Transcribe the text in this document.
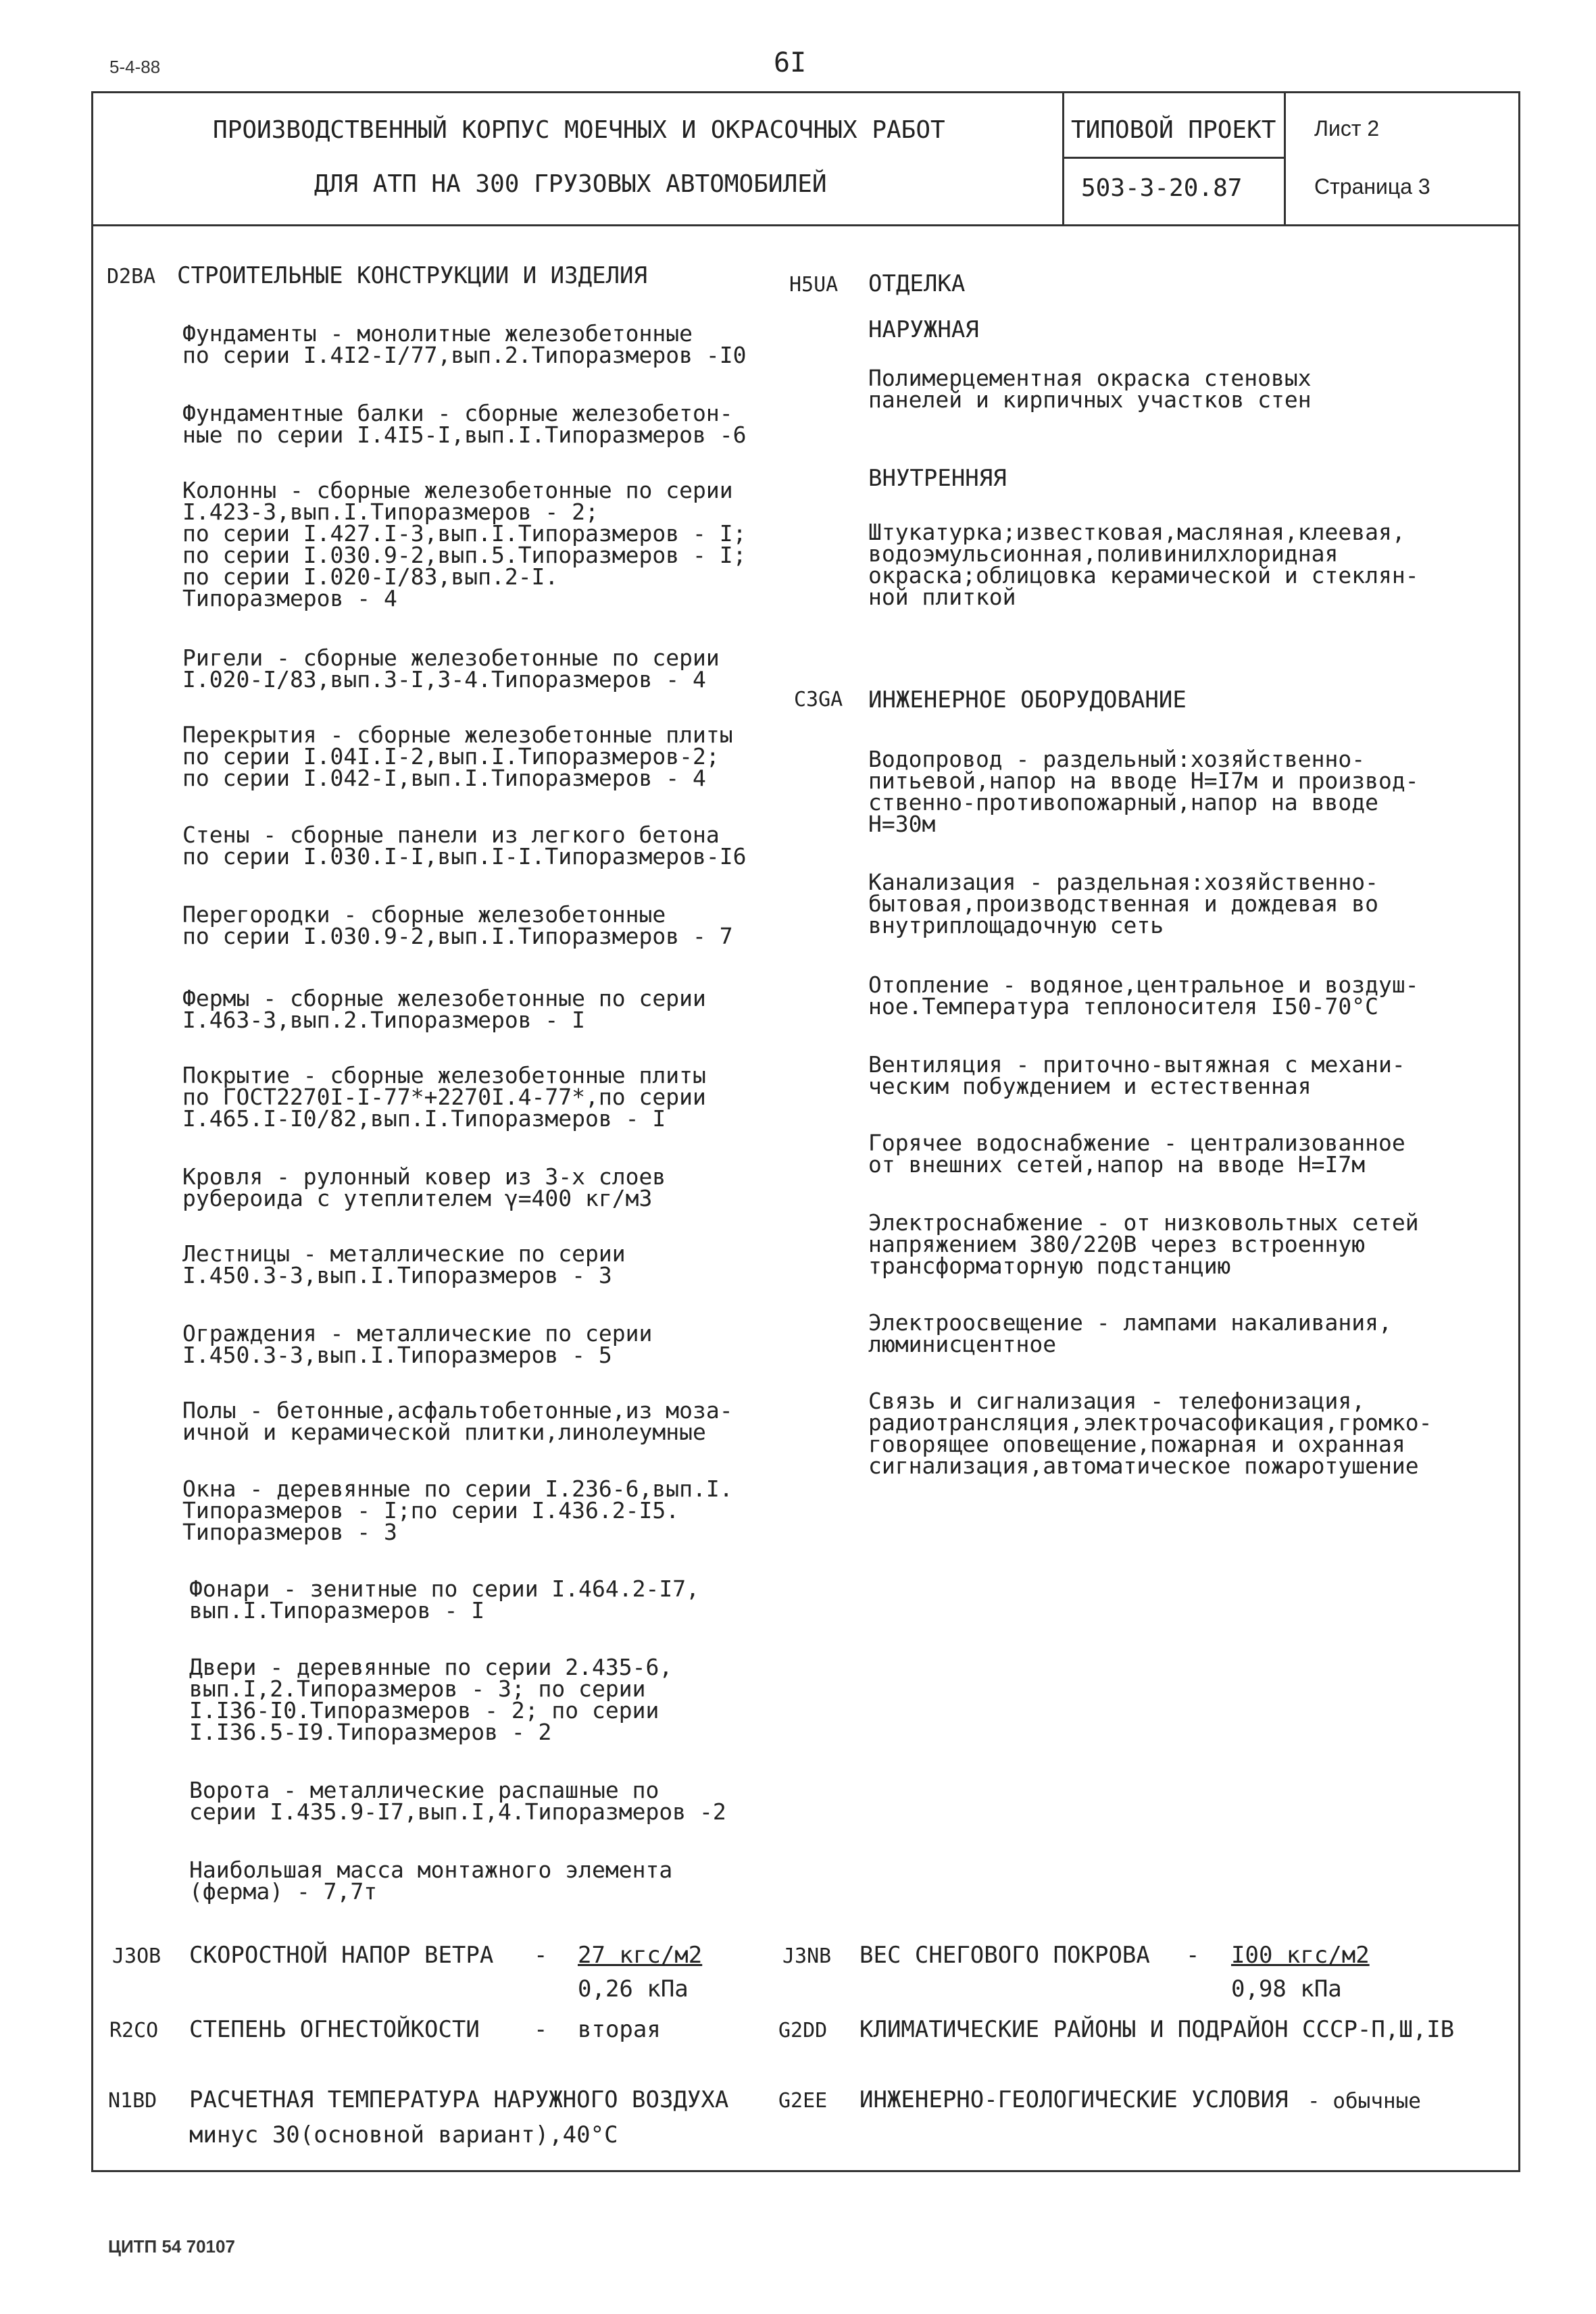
5-4-88	6I
ПРОИЗВОДСТВЕННЫЙ КОРПУС МОЕЧНЫХ И ОКРАСОЧНЫХ РАБОТ
ДЛЯ АТП НА 300 ГРУЗОВЫХ АВТОМОБИЛЕЙ
ТИПОВОЙ ПРОЕКТ
503-3-20.87
Лист 2
Страница 3
D2BA СТРОИТЕЛЬНЫЕ КОНСТРУКЦИИ И ИЗДЕЛИЯ
Фундаменты - монолитные железобетонные
по серии I.4I2-I/77,вып.2.Типоразмеров -I0
Фундаментные балки - сборные железобетон-
ные по серии I.4I5-I,вып.I.Типоразмеров -6
Колонны - сборные железобетонные по серии
I.423-3,вып.I.Типоразмеров - 2;
по серии I.427.I-3,вып.I.Типоразмеров - I;
по серии I.030.9-2,вып.5.Типоразмеров - I;
по серии I.020-I/83,вып.2-I.
Типоразмеров - 4
Ригели - сборные железобетонные по серии
I.020-I/83,вып.3-I,3-4.Типоразмеров - 4
Перекрытия - сборные железобетонные плиты
по серии I.04I.I-2,вып.I.Типоразмеров-2;
по серии I.042-I,вып.I.Типоразмеров - 4
Стены - сборные панели из легкого бетона
по серии I.030.I-I,вып.I-I.Типоразмеров-I6
Перегородки - сборные железобетонные
по серии I.030.9-2,вып.I.Типоразмеров - 7
Фермы - сборные железобетонные по серии
I.463-3,вып.2.Типоразмеров - I
Покрытие - сборные железобетонные плиты
по ГОСТ2270I-I-77*+2270I.4-77*,по серии
I.465.I-I0/82,вып.I.Типоразмеров - I
Кровля - рулонный ковер из 3-х слоев
рубероида с утеплителем γ=400 кг/м3
Лестницы - металлические по серии
I.450.3-3,вып.I.Типоразмеров - 3
Ограждения - металлические по серии
I.450.3-3,вып.I.Типоразмеров - 5
Полы - бетонные,асфальтобетонные,из моза-
ичной и керамической плитки,линолеумные
Окна - деревянные по серии I.236-6,вып.I.
Типоразмеров - I;по серии I.436.2-I5.
Типоразмеров - 3
Фонари - зенитные по серии I.464.2-I7,
вып.I.Типоразмеров - I
Двери - деревянные по серии 2.435-6,
вып.I,2.Типоразмеров - 3; по серии
I.I36-I0.Типоразмеров - 2; по серии
I.I36.5-I9.Типоразмеров - 2
Ворота - металлические распашные по
серии I.435.9-I7,вып.I,4.Типоразмеров -2
Наибольшая масса монтажного элемента
(ферма) - 7,7т
H5UA ОТДЕЛКА
НАРУЖНАЯ
Полимерцементная окраска стеновых
панелей и кирпичных участков стен
ВНУТРЕННЯЯ
Штукатурка;известковая,масляная,клеевая,
водоэмульсионная,поливинилхлоридная
окраска;облицовка керамической и стеклян-
ной плиткой
C3GA ИНЖЕНЕРНОЕ ОБОРУДОВАНИЕ
Водопровод - раздельный:хозяйственно-
питьевой,напор на вводе Н=I7м и производ-
ственно-противопожарный,напор на вводе
Н=30м
Канализация - раздельная:хозяйственно-
бытовая,производственная и дождевая во
внутриплощадочную сеть
Отопление - водяное,центральное и воздуш-
ное.Температура теплоносителя I50-70°С
Вентиляция - приточно-вытяжная с механи-
ческим побуждением и естественная
Горячее водоснабжение - централизованное
от внешних сетей,напор на вводе Н=I7м
Электроснабжение - от низковольтных сетей
напряжением 380/220В через встроенную
трансформаторную подстанцию
Электроосвещение - лампами накаливания,
люминисцентное
Связь и сигнализация - телефонизация,
радиотрансляция,электрочасофикация,громко-
говорящее оповещение,пожарная и охранная
сигнализация,автоматическое пожаротушение
J3OB СКОРОСТНОЙ НАПОР ВЕТРА - 27 кгс/м2
0,26 кПа
J3NB ВЕС СНЕГОВОГО ПОКРОВА - I00 кгс/м2
0,98 кПа
R2CO СТЕПЕНЬ ОГНЕСТОЙКОСТИ - вторая	G2DD КЛИМАТИЧЕСКИЕ РАЙОНЫ И ПОДРАЙОН СССР-П,Ш,IВ
N1BD РАСЧЕТНАЯ ТЕМПЕРАТУРА НАРУЖНОГО ВОЗДУХА
минус 30(основной вариант),40°С
G2EE ИНЖЕНЕРНО-ГЕОЛОГИЧЕСКИЕ УСЛОВИЯ - обычные
ЦИТП 54 70107
